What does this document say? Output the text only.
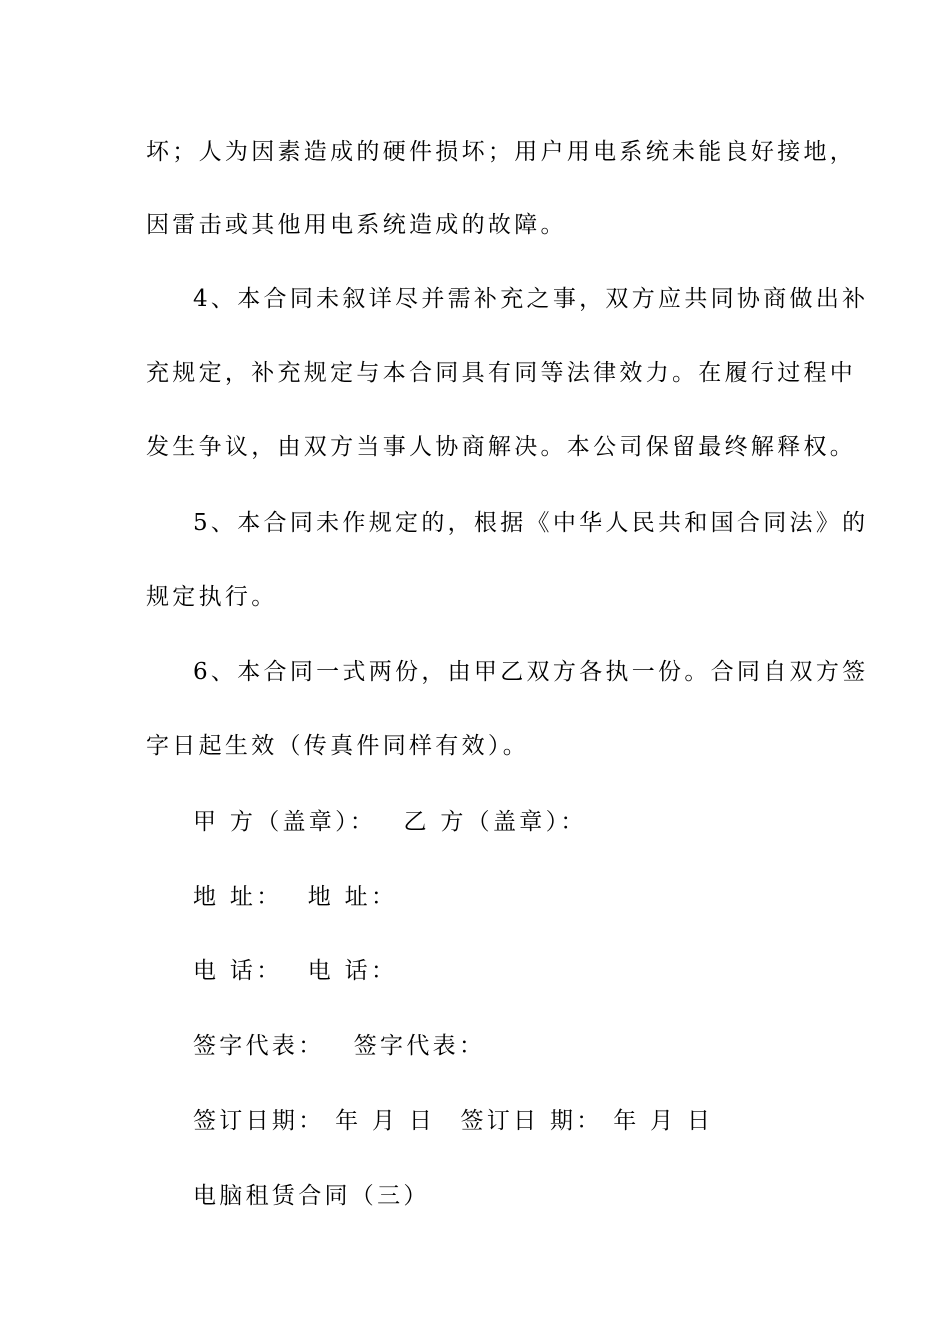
坏；人为因素造成的硬件损坏；用户用电系统未能良好接地，
因雷击或其他用电系统造成的故障。
4、本合同未叙详尽并需补充之事，双方应共同协商做出补
充规定，补充规定与本合同具有同等法律效力。在履行过程中
发生争议，由双方当事人协商解决。本公司保留最终解释权。
5、本合同未作规定的，根据《中华人民共和国合同法》的
规定执行。
6、本合同一式两份，由甲乙双方各执一份。合同自双方签
字日起生效（传真件同样有效）。
甲 方（盖章）： 乙 方（盖章）：
地 址： 地 址：
电 话： 电 话：
签字代表： 签字代表：
签订日期： 年 月 日 签订日 期： 年 月 日
电脑租赁合同（三）
